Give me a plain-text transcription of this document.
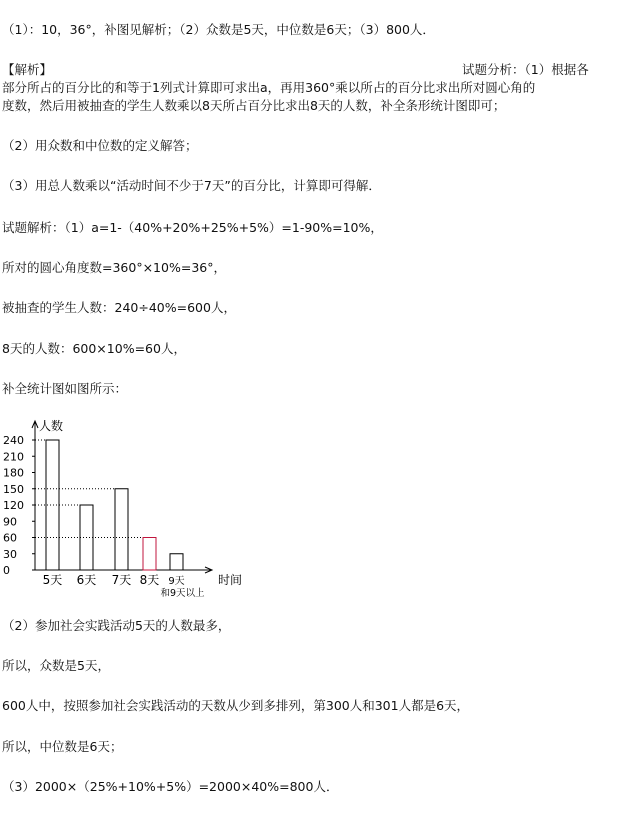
（1）：10，36°，补图见解析；（2）众数是5天，中位数是6天；（3）800人．
【解析】	试题分析：（1）根据各
部分所占的百分比的和等于1列式计算即可求出a，再用360°乘以所占的百分比求出所对圆心角的
度数，然后用被抽查的学生人数乘以8天所占百分比求出8天的人数，补全条形统计图即可；
（2）用众数和中位数的定义解答；
（3）用总人数乘以“活动时间不少于7天”的百分比，计算即可得解．
试题解析：（1）a=1-（40%+20%+25%+5%）=1-90%=10%，
所对的圆心角度数=360°×10%=36°，
被抽查的学生人数：240÷40%=600人，
8天的人数：600×10%=60人，
补全统计图如图所示：
人数
时间
0
30
60
90
120
150
180
210
240
5天 6天 7天 8天 9天
和9天以上
（2）参加社会实践活动5天的人数最多，
所以，众数是5天，
600人中，按照参加社会实践活动的天数从少到多排列，第300人和301人都是6天，
所以，中位数是6天；
（3）2000×（25%+10%+5%）=2000×40%=800人．
